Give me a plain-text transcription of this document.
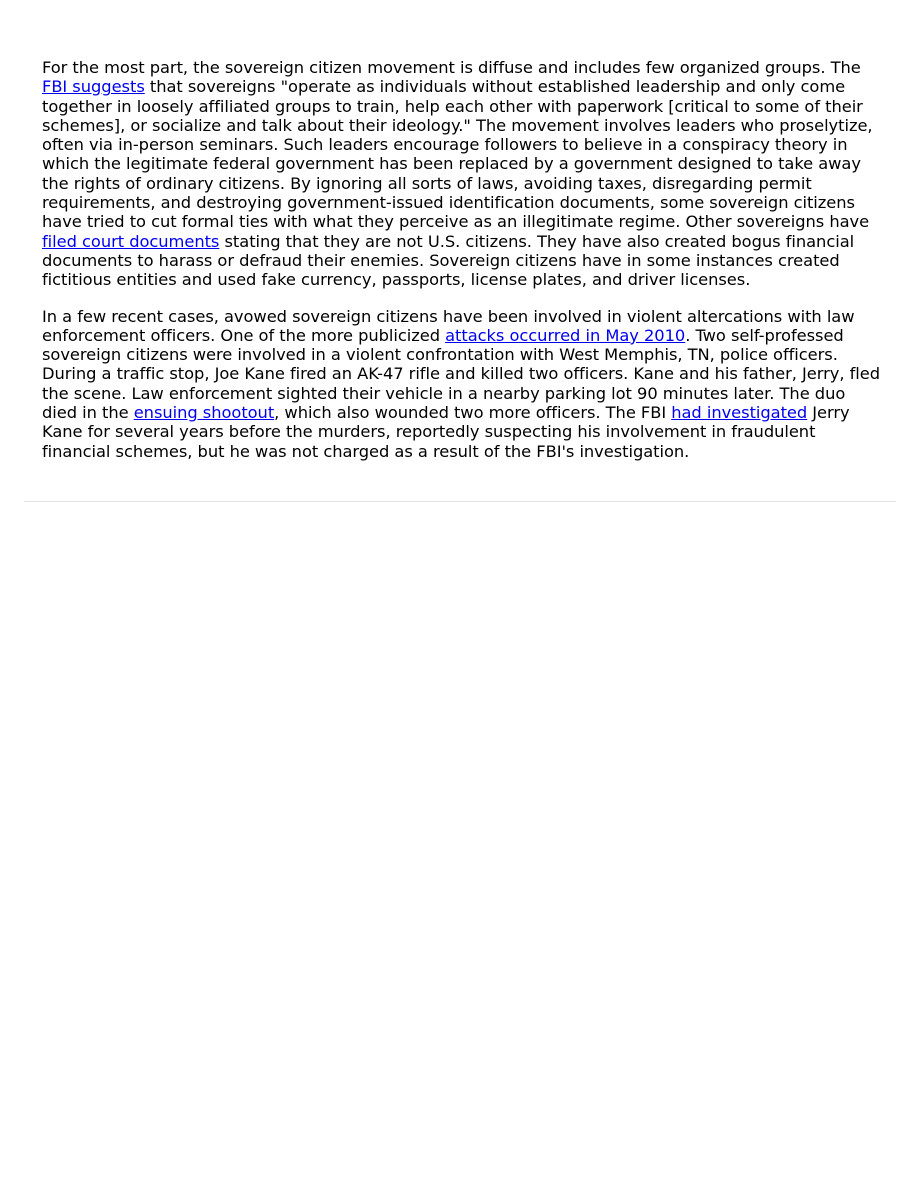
For the most part, the sovereign citizen movement is diffuse and includes few organized groups. The FBI suggests that sovereigns "operate as individuals without established leadership and only come together in loosely affiliated groups to train, help each other with paperwork [critical to some of their schemes], or socialize and talk about their ideology." The movement involves leaders who proselytize, often via in-person seminars. Such leaders encourage followers to believe in a conspiracy theory in which the legitimate federal government has been replaced by a government designed to take away the rights of ordinary citizens. By ignoring all sorts of laws, avoiding taxes, disregarding permit requirements, and destroying government-issued identification documents, some sovereign citizens have tried to cut formal ties with what they perceive as an illegitimate regime. Other sovereigns have filed court documents stating that they are not U.S. citizens. They have also created bogus financial documents to harass or defraud their enemies. Sovereign citizens have in some instances created fictitious entities and used fake currency, passports, license plates, and driver licenses.

In a few recent cases, avowed sovereign citizens have been involved in violent altercations with law enforcement officers. One of the more publicized attacks occurred in May 2010. Two self-professed sovereign citizens were involved in a violent confrontation with West Memphis, TN, police officers. During a traffic stop, Joe Kane fired an AK-47 rifle and killed two officers. Kane and his father, Jerry, fled the scene. Law enforcement sighted their vehicle in a nearby parking lot 90 minutes later. The duo died in the ensuing shootout, which also wounded two more officers. The FBI had investigated Jerry Kane for several years before the murders, reportedly suspecting his involvement in fraudulent financial schemes, but he was not charged as a result of the FBI's investigation.
